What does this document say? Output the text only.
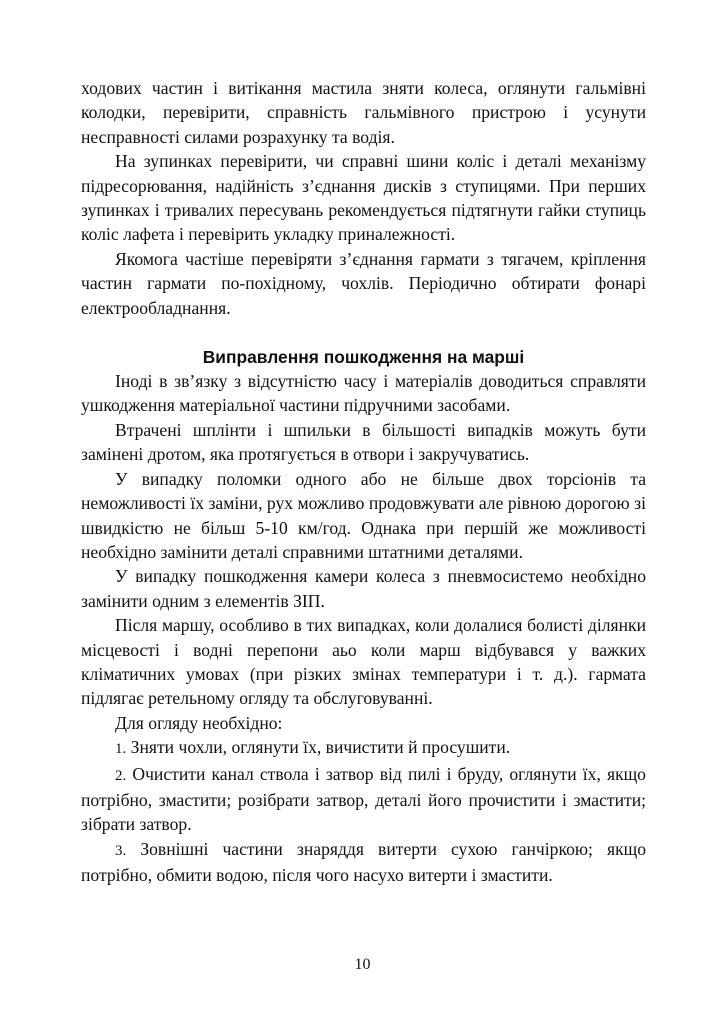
ходових частин і витікання мастила зняти колеса, оглянути гальмівні колодки, перевірити, справність гальмівного пристрою і усунути несправності силами розрахунку та водія.

На зупинках перевірити, чи справні шини коліс і деталі механізму підресорювання, надійність з’єднання дисків з ступицями. При перших зупинках і тривалих пересувань рекомендується підтягнути гайки ступиць коліс лафета і перевірить укладку приналежності.

Якомога частіше перевіряти з’єднання гармати з тягачем, кріплення частин гармати по-похідному, чохлів. Періодично обтирати фонарі електрообладнання.

Виправлення пошкодження на марші

Іноді в зв’язку з відсутністю часу і матеріалів доводиться справляти ушкодження матеріальної частини підручними засобами.

Втрачені шплінти і шпильки в більшості випадків можуть бути замінені дротом, яка протягується в отвори і закручуватись.

У випадку поломки одного або не більше двох торсіонів та неможливості їх заміни, рух можливо продовжувати але рівною дорогою зі швидкістю не більш 5-10 км/год. Однака при першій же можливості необхідно замінити деталі справними штатними деталями.

У випадку пошкодження камери колеса з пневмосистемо необхідно замінити одним з елементів ЗІП.

Після маршу, особливо в тих випадках, коли долалися болисті ділянки місцевості і водні перепони аьо коли марш відбувався у важких кліматичних умовах (при різких змінах температури і т. д.). гармата підлягає ретельному огляду та обслуговуванні.

Для огляду необхідно:

1. Зняти чохли, оглянути їх, вичистити й просушити.

2. Очистити канал ствола і затвор від пилі і бруду, оглянути їх, якщо потрібно, змастити; розібрати затвор, деталі його прочистити і змастити; зібрати затвор.

3. Зовнішні частини знаряддя витерти сухою ганчіркою; якщо потрібно, обмити водою, після чого насухо витерти і змастити.

10
